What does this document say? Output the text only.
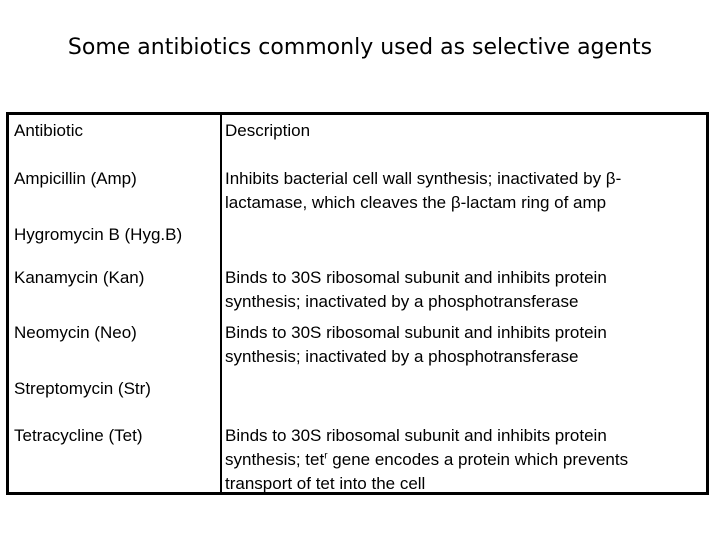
Some antibiotics commonly used as selective agents
Antibiotic	Description
Ampicillin (Amp)	Inhibits bacterial cell wall synthesis; inactivated by β-
lactamase, which cleaves the β-lactam ring of amp
Hygromycin B (Hyg.B)
Kanamycin (Kan)	Binds to 30S ribosomal subunit and inhibits protein
synthesis; inactivated by a phosphotransferase
Neomycin (Neo)	Binds to 30S ribosomal subunit and inhibits protein
synthesis; inactivated by a phosphotransferase
Streptomycin (Str)
Tetracycline (Tet)	Binds to 30S ribosomal subunit and inhibits protein
synthesis; tet$^r$ gene encodes a protein which prevents
transport of tet into the cell
